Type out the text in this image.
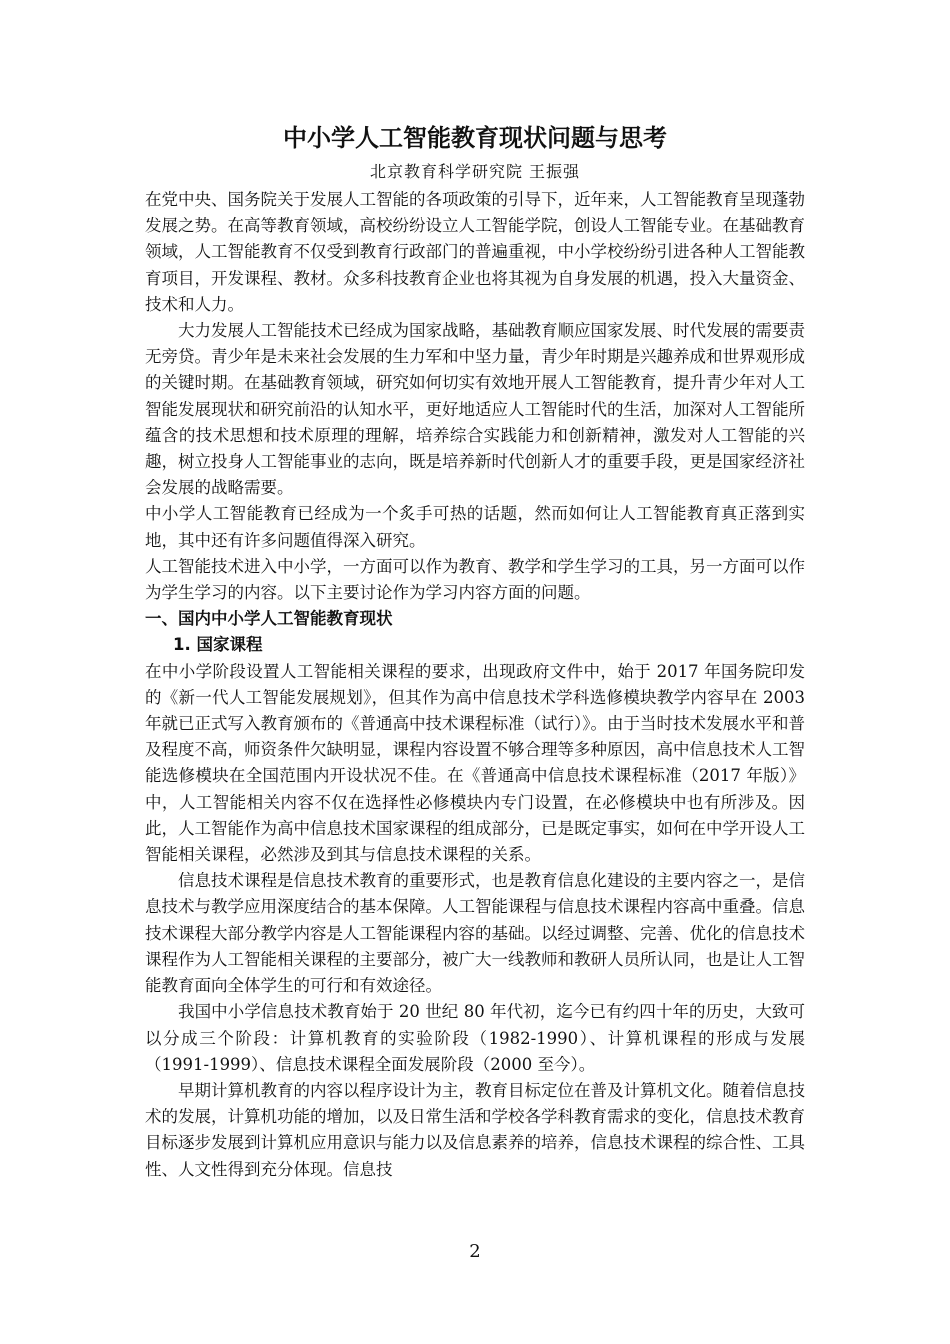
中小学人工智能教育现状问题与思考
北京教育科学研究院 王振强

在党中央、国务院关于发展人工智能的各项政策的引导下，近年来，人工智能教育呈现蓬勃发展之势。在高等教育领域，高校纷纷设立人工智能学院，创设人工智能专业。在基础教育领域，人工智能教育不仅受到教育行政部门的普遍重视，中小学校纷纷引进各种人工智能教育项目，开发课程、教材。众多科技教育企业也将其视为自身发展的机遇，投入大量资金、技术和人力。

大力发展人工智能技术已经成为国家战略，基础教育顺应国家发展、时代发展的需要责无旁贷。青少年是未来社会发展的生力军和中坚力量，青少年时期是兴趣养成和世界观形成的关键时期。在基础教育领域，研究如何切实有效地开展人工智能教育，提升青少年对人工智能发展现状和研究前沿的认知水平，更好地适应人工智能时代的生活，加深对人工智能所蕴含的技术思想和技术原理的理解，培养综合实践能力和创新精神，激发对人工智能的兴趣，树立投身人工智能事业的志向，既是培养新时代创新人才的重要手段，更是国家经济社会发展的战略需要。

中小学人工智能教育已经成为一个炙手可热的话题，然而如何让人工智能教育真正落到实地，其中还有许多问题值得深入研究。

人工智能技术进入中小学，一方面可以作为教育、教学和学生学习的工具，另一方面可以作为学生学习的内容。以下主要讨论作为学习内容方面的问题。

一、国内中小学人工智能教育现状
1. 国家课程

在中小学阶段设置人工智能相关课程的要求，出现政府文件中，始于 2017 年国务院印发的《新一代人工智能发展规划》，但其作为高中信息技术学科选修模块教学内容早在 2003 年就已正式写入教育颁布的《普通高中技术课程标准（试行）》。由于当时技术发展水平和普及程度不高，师资条件欠缺明显，课程内容设置不够合理等多种原因，高中信息技术人工智能选修模块在全国范围内开设状况不佳。在《普通高中信息技术课程标准（2017 年版）》中，人工智能相关内容不仅在选择性必修模块内专门设置，在必修模块中也有所涉及。因此，人工智能作为高中信息技术国家课程的组成部分，已是既定事实，如何在中学开设人工智能相关课程，必然涉及到其与信息技术课程的关系。

信息技术课程是信息技术教育的重要形式，也是教育信息化建设的主要内容之一，是信息技术与教学应用深度结合的基本保障。人工智能课程与信息技术课程内容高中重叠。信息技术课程大部分教学内容是人工智能课程内容的基础。以经过调整、完善、优化的信息技术课程作为人工智能相关课程的主要部分，被广大一线教师和教研人员所认同，也是让人工智能教育面向全体学生的可行和有效途径。

我国中小学信息技术教育始于 20 世纪 80 年代初，迄今已有约四十年的历史，大致可以分成三个阶段：计算机教育的实验阶段（1982-1990）、计算机课程的形成与发展（1991-1999）、信息技术课程全面发展阶段（2000 至今）。

早期计算机教育的内容以程序设计为主，教育目标定位在普及计算机文化。随着信息技术的发展，计算机功能的增加，以及日常生活和学校各学科教育需求的变化，信息技术教育目标逐步发展到计算机应用意识与能力以及信息素养的培养，信息技术课程的综合性、工具性、人文性得到充分体现。信息技

2
